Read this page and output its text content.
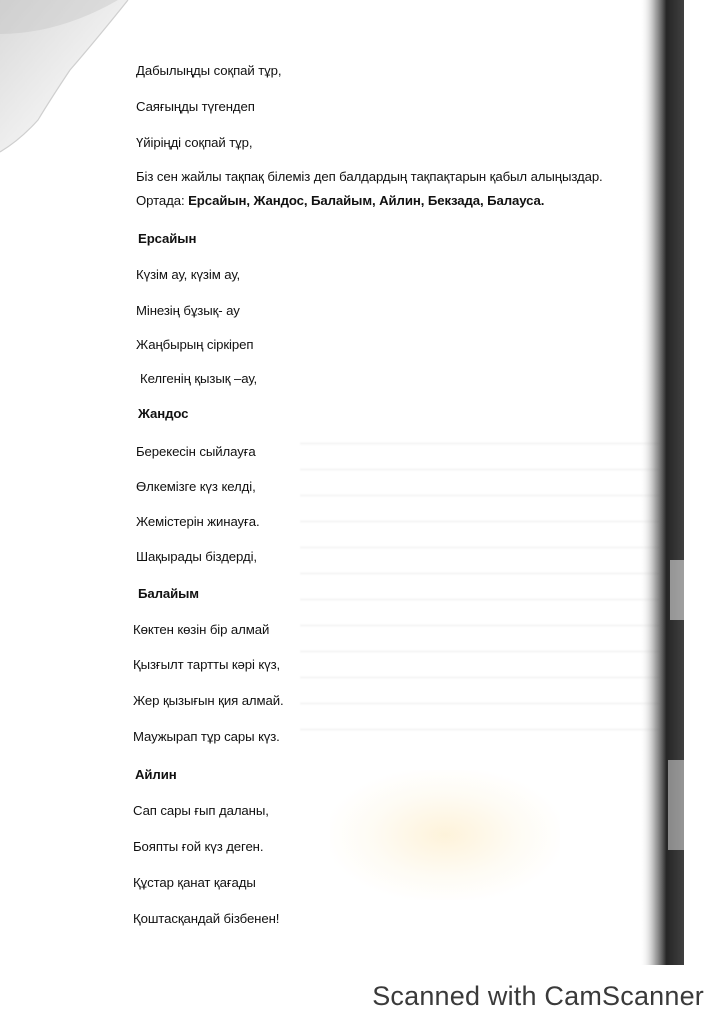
Дабылыңды соқпай тұр,
Саяғыңды түгендеп
Үйіріңді соқпай тұр,
Біз сен жайлы тақпақ білеміз деп балдардың тақпақтарын қабыл алыңыздар.
Ортада: Ерсайын, Жандос, Балайым, Айлин, Бекзада, Балауса.
Ерсайын
Күзім ау, күзім ау,
Мінезің бұзық- ау
Жаңбырың сіркіреп
Келгенің қызық –ау,
Жандос
Берекесін сыйлауға
Өлкемізге күз келді,
Жемістерін жинауға.
Шақырады біздерді,
Балайым
Көктен көзін бір алмай
Қызғылт тартты кәрі күз,
Жер қызығын қия алмай.
Маужырап тұр сары күз.
Айлин
Сап сары ғып даланы,
Бояпты ғой күз деген.
Құстар қанат қағады
Қоштасқандай бізбенен!
Scanned with CamScanner
